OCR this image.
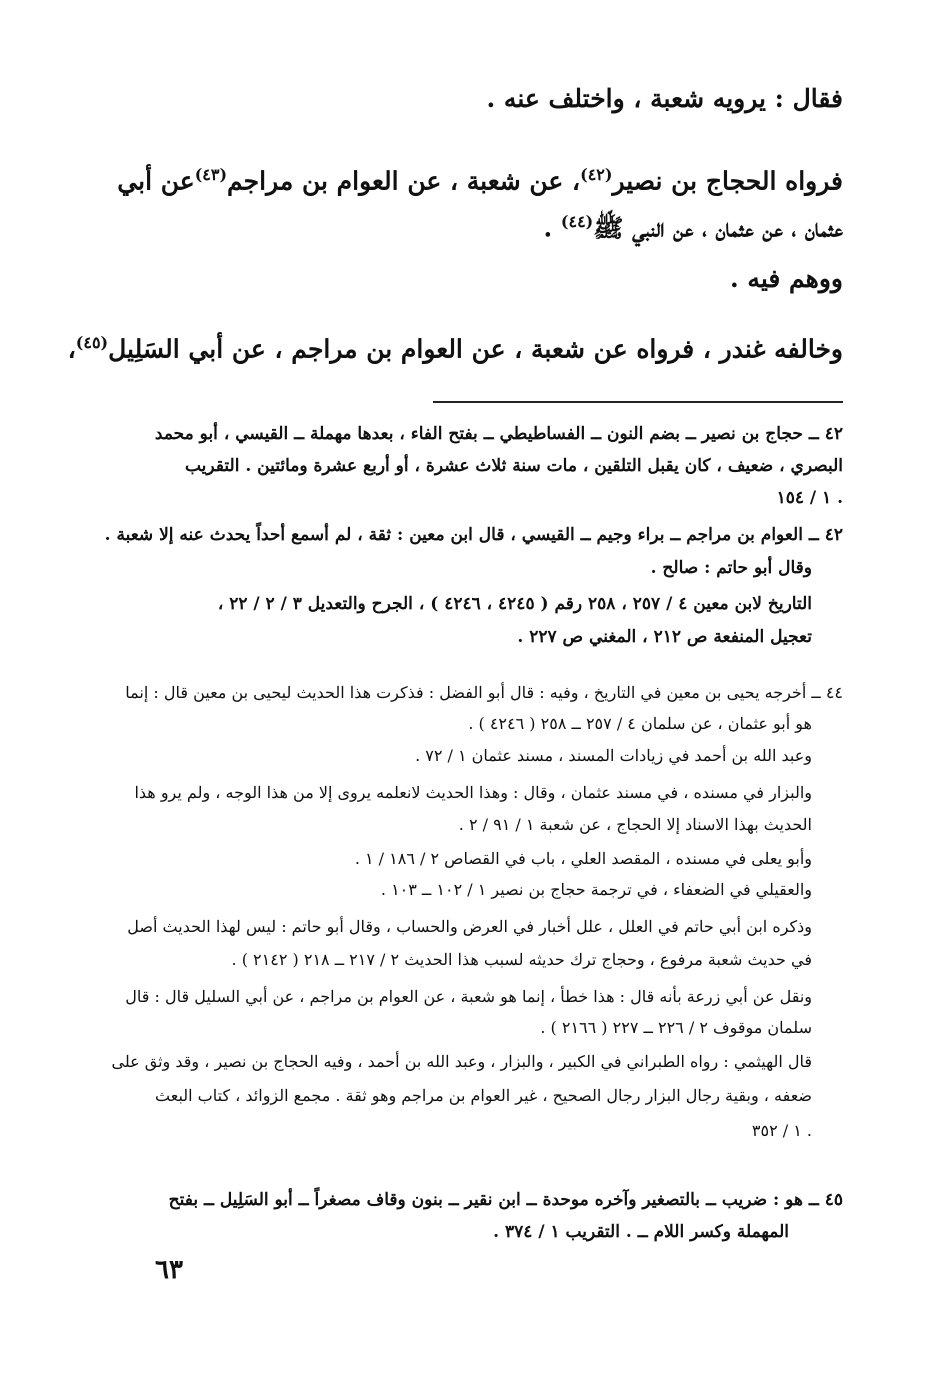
فقال : يرويه شعبة ، واختلف عنه .
فرواه الحجاج بن نصير$^{(٤٢)}$، عن شعبة ، عن العوام بن مراجم$^{(٤٣)}$عن أبي
عثمان ، عن عثمان ، عن النبي ﷺ$^{(٤٤)}$ .
ووهم فيه .
وخالفه غندر ، فرواه عن شعبة ، عن العوام بن مراجم ، عن أبي السَلِيل$^{(٤٥)}$،
٤٢ ــ حجاج بن نصير ــ بضم النون ــ الفساطيطي ــ بفتح الفاء ، بعدها مهملة ــ القيسي ، أبو محمد
البصري ، ضعيف ، كان يقبل التلقين ، مات سنة ثلاث عشرة ، أو أربع عشرة ومائتين . التقريب
١ / ١٥٤ .
٤٢ ــ العوام بن مراجم ــ براء وجيم ــ القيسي ، قال ابن معين : ثقة ، لم أسمع أحداً يحدث عنه إلا شعبة .
وقال أبو حاتم : صالح .
التاريخ لابن معين ٤ / ٢٥٧ ، ٢٥٨ رقم ( ٤٢٤٥ ، ٤٢٤٦ ) ، الجرح والتعديل ٣ / ٢ / ٢٢ ،
تعجيل المنفعة ص ٢١٢ ، المغني ص ٢٢٧ .
٤٤ ــ أخرجه يحيى بن معين في التاريخ ، وفيه : قال أبو الفضل : فذكرت هذا الحديث ليحيى بن معين قال : إنما
هو أبو عثمان ، عن سلمان ٤ / ٢٥٧ ــ ٢٥٨ ( ٤٢٤٦ ) .
وعبد الله بن أحمد في زيادات المسند ، مسند عثمان ١ / ٧٢ .
والبزار في مسنده ، في مسند عثمان ، وقال : وهذا الحديث لانعلمه يروى إلا من هذا الوجه ، ولم يرو هذا
الحديث بهذا الاسناد إلا الحجاج ، عن شعبة ١ / ٩١ / ٢ .
وأبو يعلى في مسنده ، المقصد العلي ، باب في القصاص ٢ / ١٨٦ / ١ .
والعقيلي في الضعفاء ، في ترجمة حجاج بن نصير ١ / ١٠٢ ــ ١٠٣ .
وذكره ابن أبي حاتم في العلل ، علل أخبار في العرض والحساب ، وقال أبو حاتم : ليس لهذا الحديث أصل
في حديث شعبة مرفوع ، وحجاج ترك حديثه لسبب هذا الحديث ٢ / ٢١٧ ــ ٢١٨ ( ٢١٤٢ ) .
ونقل عن أبي زرعة بأنه قال : هذا خطأ ، إنما هو شعبة ، عن العوام بن مراجم ، عن أبي السليل قال : قال
سلمان موقوف ٢ / ٢٢٦ ــ ٢٢٧ ( ٢١٦٦ ) .
قال الهيثمي : رواه الطبراني في الكبير ، والبزار ، وعبد الله بن أحمد ، وفيه الحجاج بن نصير ، وقد وثق على
ضعفه ، وبقية رجال البزار رجال الصحيح ، غير العوام بن مراجم وهو ثقة . مجمع الزوائد ، كتاب البعث
١ / ٣٥٢ .
٤٥ ــ هو : ضريب ــ بالتصغير وآخره موحدة ــ ابن نقير ــ بنون وقاف مصغراً ــ أبو السَلِيل ــ بفتح
المهملة وكسر اللام ــ . التقريب ١ / ٣٧٤ .
٦٣
